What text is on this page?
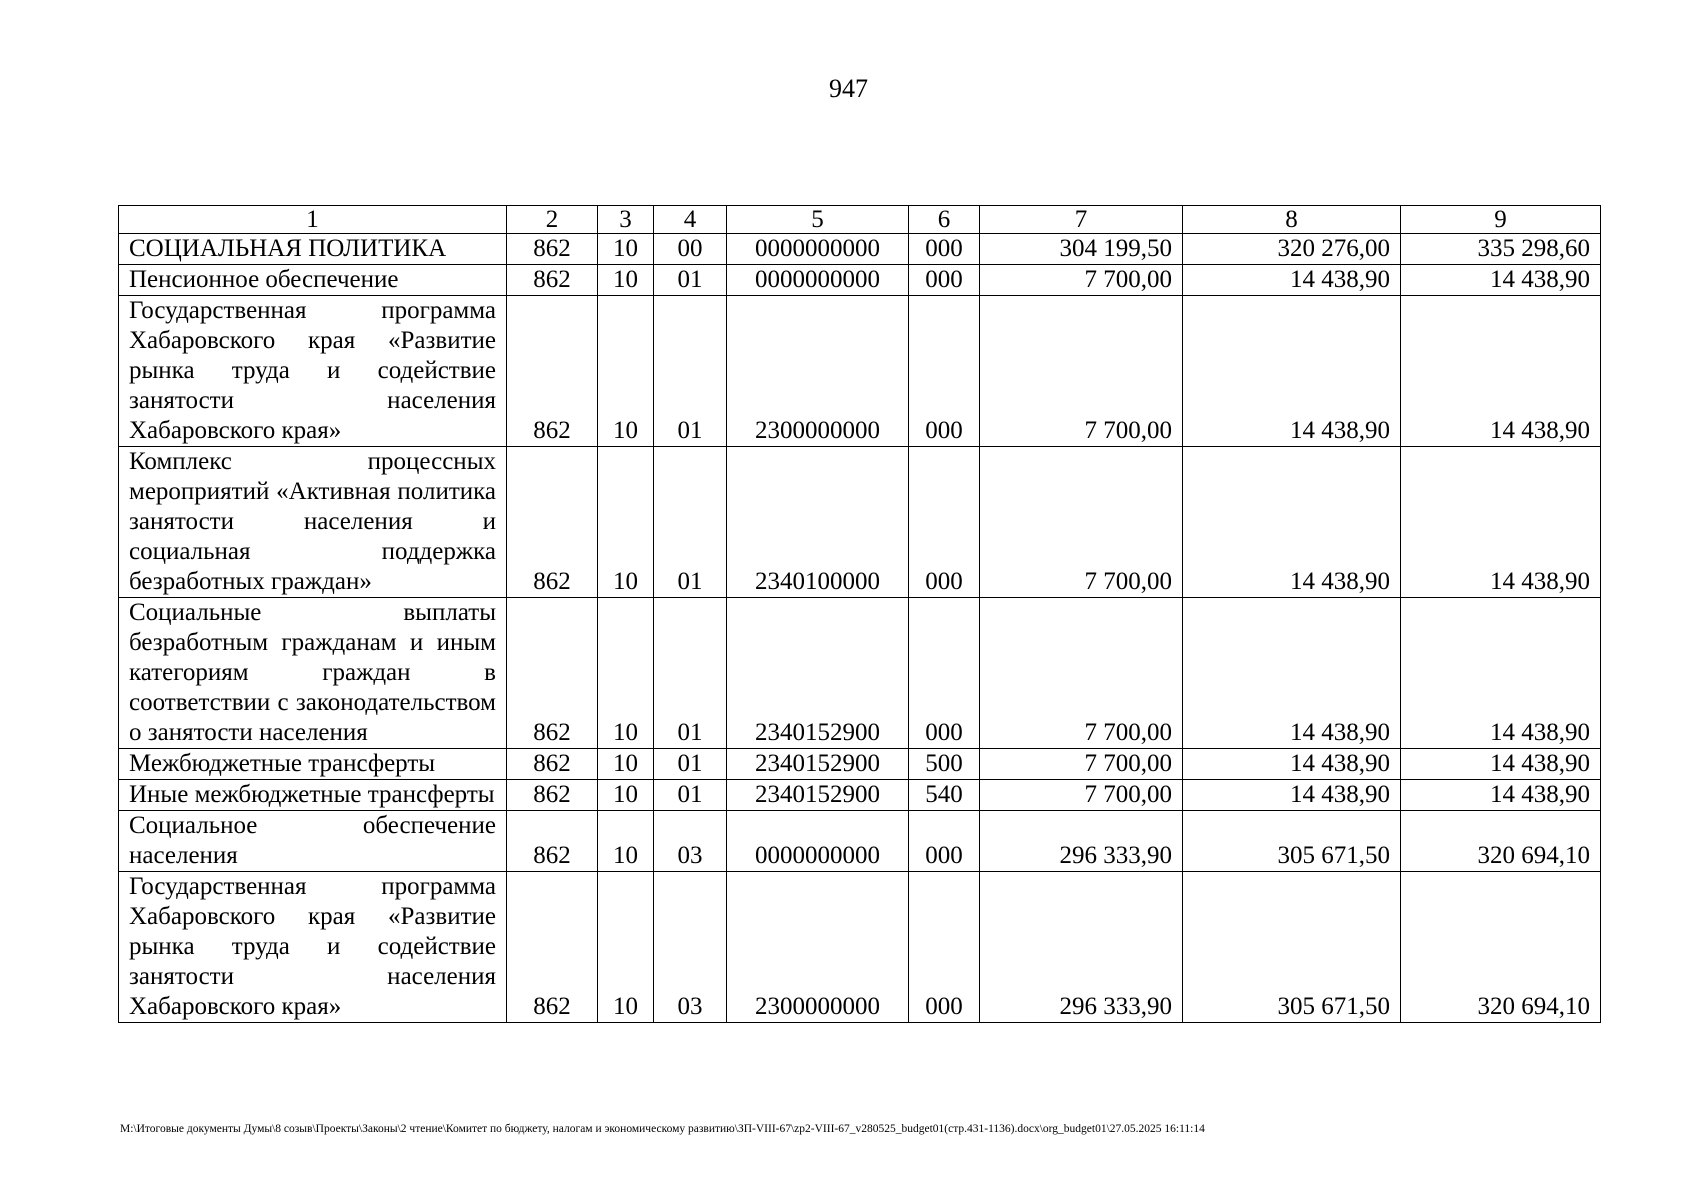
947
1	2	3	4	5	6	7	8	9
СОЦИАЛЬНАЯ ПОЛИТИКА	862	10	00	0000000000	000	304 199,50	320 276,00	335 298,60
Пенсионное обеспечение	862	10	01	0000000000	000	7 700,00	14 438,90	14 438,90
Государственная программа Хабаровского края «Развитие рынка труда и содействие занятости населения Хабаровского края»	862	10	01	2300000000	000	7 700,00	14 438,90	14 438,90
Комплекс процессных мероприятий «Активная политика занятости населения и социальная поддержка безработных граждан»	862	10	01	2340100000	000	7 700,00	14 438,90	14 438,90
Социальные выплаты безработным гражданам и иным категориям граждан в соответствии с законодательством о занятости населения	862	10	01	2340152900	000	7 700,00	14 438,90	14 438,90
Межбюджетные трансферты	862	10	01	2340152900	500	7 700,00	14 438,90	14 438,90
Иные межбюджетные трансферты	862	10	01	2340152900	540	7 700,00	14 438,90	14 438,90
Социальное обеспечение населения	862	10	03	0000000000	000	296 333,90	305 671,50	320 694,10
Государственная программа Хабаровского края «Развитие рынка труда и содействие занятости населения Хабаровского края»	862	10	03	2300000000	000	296 333,90	305 671,50	320 694,10
M:\Итоговые документы Думы\8 созыв\Проекты\Законы\2 чтение\Комитет по бюджету, налогам и экономическому развитию\ЗП-VIII-67\zp2-VIII-67_v280525_budget01(стр.431-1136).docx\org_budget01\27.05.2025 16:11:14
